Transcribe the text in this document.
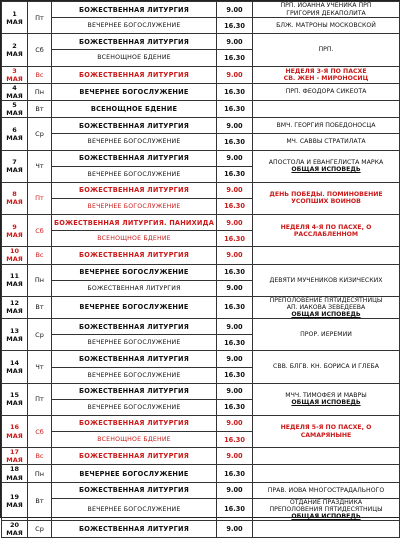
1
МАЯ	Пт	БОЖЕСТВЕННАЯ ЛИТУРГИЯ	9.00	ПРП. ИОАННА УЧЕНИКА ПРП
ГРИГОРИЯ ДЕКАПОЛИТА

		ВЕЧЕРНЕЕ БОГОСЛУЖЕНИЕ	16.30	БЛЖ. МАТРОНЫ МОСКОВСКОЙ

2
МАЯ	Сб	БОЖЕСТВЕННАЯ ЛИТУРГИЯ	9.00	ПРП.

		ВСЕНОЩНОЕ БДЕНИЕ	16.30	

3
МАЯ	Вс	БОЖЕСТВЕННАЯ ЛИТУРГИЯ	9.00	НЕДЕЛЯ 3-Я ПО ПАСХЕ
СВ. ЖЕН - МИРОНОСИЦ

4
МАЯ	Пн	ВЕЧЕРНЕЕ БОГОСЛУЖЕНИЕ	16.30	ПРП. ФЕОДОРА СИКЕОТА

5
МАЯ	Вт	ВСЕНОЩНОЕ БДЕНИЕ	16.30	

6
МАЯ	Ср	БОЖЕСТВЕННАЯ ЛИТУРГИЯ	9.00	ВМЧ. ГЕОРГИЯ ПОБЕДОНОСЦА

		ВЕЧЕРНЕЕ БОГОСЛУЖЕНИЕ	16.30	МЧ. САВВЫ СТРАТИЛАТА

7
МАЯ	Чт	БОЖЕСТВЕННАЯ ЛИТУРГИЯ	9.00	АПОСТОЛА И ЕВАНГЕЛИСТА МАРКА
ОБЩАЯ ИСПОВЕДЬ

		ВЕЧЕРНЕЕ БОГОСЛУЖЕНИЕ	16.30	

8
МАЯ	Пт	БОЖЕСТВЕННАЯ ЛИТУРГИЯ	9.00	ДЕНЬ ПОБЕДЫ. ПОМИНОВЕНИЕ
УСОПШИХ ВОИНОВ

		ВЕЧЕРНЕЕ БОГОСЛУЖЕНИЕ	16.30	

9
МАЯ	Сб	БОЖЕСТВЕННАЯ ЛИТУРГИЯ. ПАНИХИДА	9.00	НЕДЕЛЯ 4-Я ПО ПАСХЕ, О
РАССЛАБЛЕННОМ

		ВСЕНОЩНОЕ БДЕНИЕ	16.30	

10
МАЯ	Вс	БОЖЕСТВЕННАЯ ЛИТУРГИЯ	9.00	

11
МАЯ	Пн	ВЕЧЕРНЕЕ БОГОСЛУЖЕНИЕ	16.30	ДЕВЯТИ МУЧЕНИКОВ КИЗИЧЕСКИХ

		БОЖЕСТВЕННАЯ ЛИТУРГИЯ	9.00	

12
МАЯ	Вт	ВЕЧЕРНЕЕ БОГОСЛУЖЕНИЕ	16.30	ПРЕПОЛОВЕНИЕ ПЯТИДЕСЯТНИЦЫ
АП. ИАКОВА ЗЕВЕДЕЕВА
ОБЩАЯ ИСПОВЕДЬ

13
МАЯ	Ср	БОЖЕСТВЕННАЯ ЛИТУРГИЯ	9.00	ПРОР. ИЕРЕМИИ

		ВЕЧЕРНЕЕ БОГОСЛУЖЕНИЕ	16.30	

14
МАЯ	Чт	БОЖЕСТВЕННАЯ ЛИТУРГИЯ	9.00	СВВ. БЛГВ. КН. БОРИСА И ГЛЕБА

		ВЕЧЕРНЕЕ БОГОСЛУЖЕНИЕ	16.30	

15
МАЯ	Пт	БОЖЕСТВЕННАЯ ЛИТУРГИЯ	9.00	МЧЧ. ТИМОФЕЯ И МАВРЫ
ОБЩАЯ ИСПОВЕДЬ

		ВЕЧЕРНЕЕ БОГОСЛУЖЕНИЕ	16.30	

16
МАЯ	Сб	БОЖЕСТВЕННАЯ ЛИТУРГИЯ	9.00	НЕДЕЛЯ 5-Я ПО ПАСХЕ, О
САМАРЯНЫНЕ

		ВСЕНОЩНОЕ БДЕНИЕ	16.30	

17
МАЯ	Вс	БОЖЕСТВЕННАЯ ЛИТУРГИЯ	9.00	

18
МАЯ	Пн	ВЕЧЕРНЕЕ БОГОСЛУЖЕНИЕ	16.30	

19
МАЯ	Вт	БОЖЕСТВЕННАЯ ЛИТУРГИЯ	9.00	ПРАВ. ИОВА МНОГОСТРАДАЛЬНОГО

		ВЕЧЕРНЕЕ БОГОСЛУЖЕНИЕ	16.30	ОТДАНИЕ ПРАЗДНИКА
ПРЕПОЛОВЕНИЯ ПЯТИДЕСЯТНИЦЫ
ОБЩАЯ ИСПОВЕДЬ

20
МАЯ	Ср	БОЖЕСТВЕННАЯ ЛИТУРГИЯ	9.00	
